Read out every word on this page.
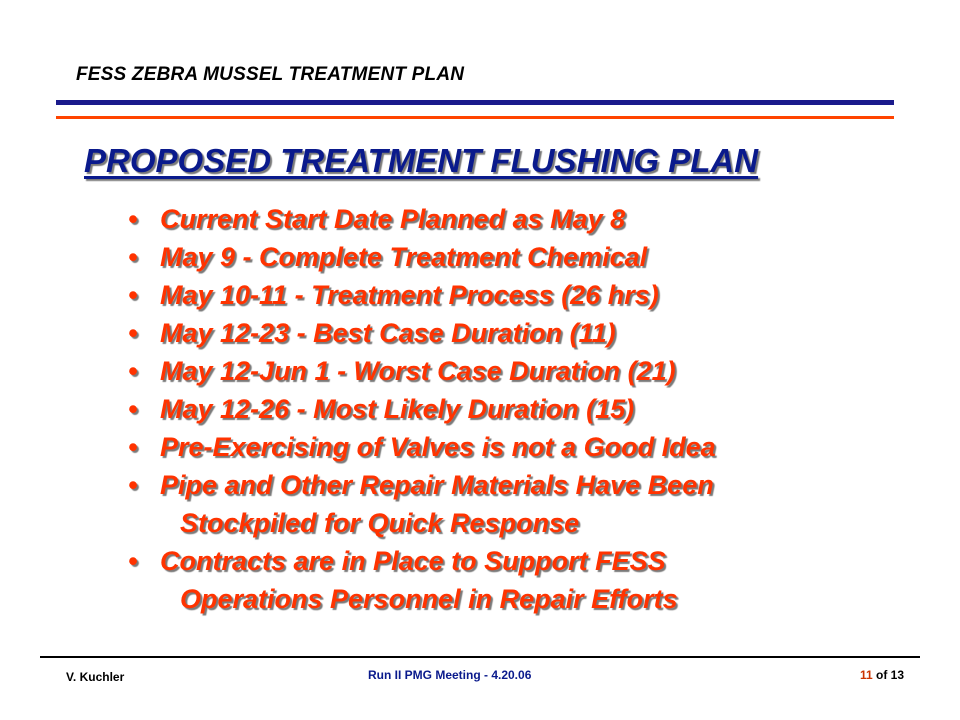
FESS ZEBRA MUSSEL TREATMENT PLAN
PROPOSED TREATMENT FLUSHING PLAN
• Current Start Date Planned as May 8
• May 9 - Complete Treatment Chemical
• May 10-11 - Treatment Process (26 hrs)
• May 12-23 - Best Case Duration (11)
• May 12-Jun 1 - Worst Case Duration (21)
• May 12-26 - Most Likely Duration (15)
• Pre-Exercising of Valves is not a Good Idea
• Pipe and Other Repair Materials Have Been
Stockpiled for Quick Response
• Contracts are in Place to Support FESS
Operations Personnel in Repair Efforts
V. Kuchler	Run II PMG Meeting - 4.20.06	11 of 13
